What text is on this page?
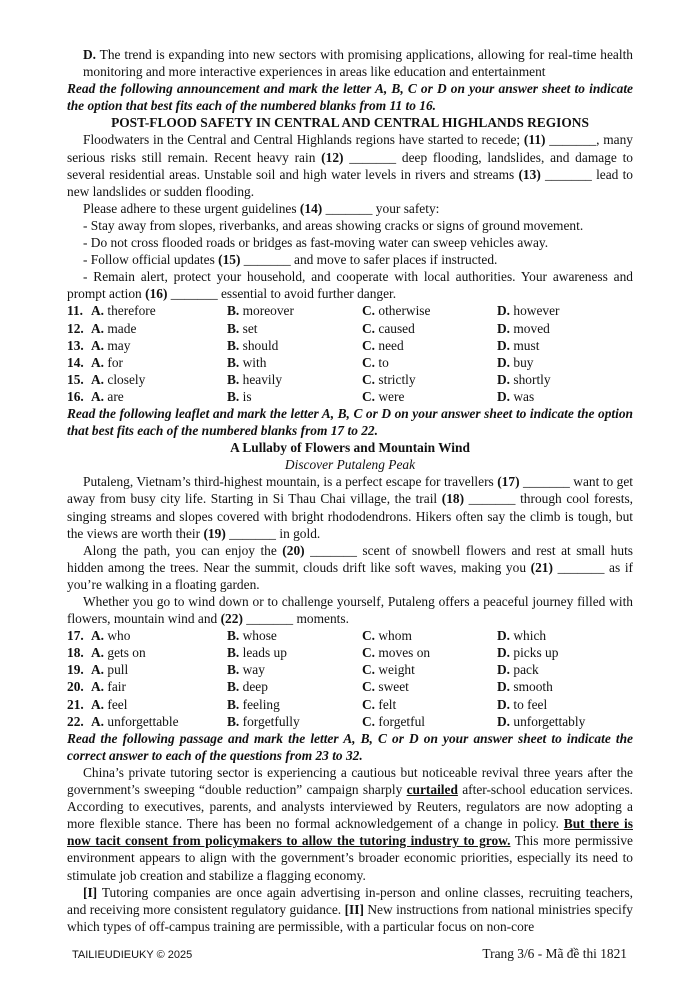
D. The trend is expanding into new sectors with promising applications, allowing for real-time health monitoring and more interactive experiences in areas like education and entertainment

Read the following announcement and mark the letter A, B, C or D on your answer sheet to indicate the option that best fits each of the numbered blanks from 11 to 16.

POST-FLOOD SAFETY IN CENTRAL AND CENTRAL HIGHLANDS REGIONS

Floodwaters in the Central and Central Highlands regions have started to recede; (11) _______, many serious risks still remain. Recent heavy rain (12) _______ deep flooding, landslides, and damage to several residential areas. Unstable soil and high water levels in rivers and streams (13) _______ lead to new landslides or sudden flooding.

Please adhere to these urgent guidelines (14) _______ your safety:

- Stay away from slopes, riverbanks, and areas showing cracks or signs of ground movement.

- Do not cross flooded roads or bridges as fast-moving water can sweep vehicles away.

- Follow official updates (15) _______ and move to safer places if instructed.

- Remain alert, protect your household, and cooperate with local authorities. Your awareness and prompt action (16) _______ essential to avoid further danger.

11. A. therefore	B. moreover	C. otherwise	D. however
12. A. made	B. set	C. caused	D. moved
13. A. may	B. should	C. need	D. must
14. A. for	B. with	C. to	D. buy
15. A. closely	B. heavily	C. strictly	D. shortly
16. A. are	B. is	C. were	D. was

Read the following leaflet and mark the letter A, B, C or D on your answer sheet to indicate the option that best fits each of the numbered blanks from 17 to 22.

A Lullaby of Flowers and Mountain Wind

Discover Putaleng Peak

Putaleng, Vietnam’s third-highest mountain, is a perfect escape for travellers (17) _______ want to get away from busy city life. Starting in Si Thau Chai village, the trail (18) _______ through cool forests, singing streams and slopes covered with bright rhododendrons. Hikers often say the climb is tough, but the views are worth their (19) _______ in gold.

Along the path, you can enjoy the (20) _______ scent of snowbell flowers and rest at small huts hidden among the trees. Near the summit, clouds drift like soft waves, making you (21) _______ as if you’re walking in a floating garden.

Whether you go to wind down or to challenge yourself, Putaleng offers a peaceful journey filled with flowers, mountain wind and (22) _______ moments.

17. A. who	B. whose	C. whom	D. which
18. A. gets on	B. leads up	C. moves on	D. picks up
19. A. pull	B. way	C. weight	D. pack
20. A. fair	B. deep	C. sweet	D. smooth
21. A. feel	B. feeling	C. felt	D. to feel
22. A. unforgettable	B. forgetfully	C. forgetful	D. unforgettably

Read the following passage and mark the letter A, B, C or D on your answer sheet to indicate the correct answer to each of the questions from 23 to 32.

China’s private tutoring sector is experiencing a cautious but noticeable revival three years after the government’s sweeping “double reduction” campaign sharply curtailed after-school education services. According to executives, parents, and analysts interviewed by Reuters, regulators are now adopting a more flexible stance. There has been no formal acknowledgement of a change in policy. But there is now tacit consent from policymakers to allow the tutoring industry to grow. This more permissive environment appears to align with the government’s broader economic priorities, especially its need to stimulate job creation and stabilize a flagging economy.

[I] Tutoring companies are once again advertising in-person and online classes, recruiting teachers, and receiving more consistent regulatory guidance. [II] New instructions from national ministries specify which types of off-campus training are permissible, with a particular focus on non-core

TAILIEUDIEUKY © 2025	Trang 3/6 - Mã đề thi 1821
